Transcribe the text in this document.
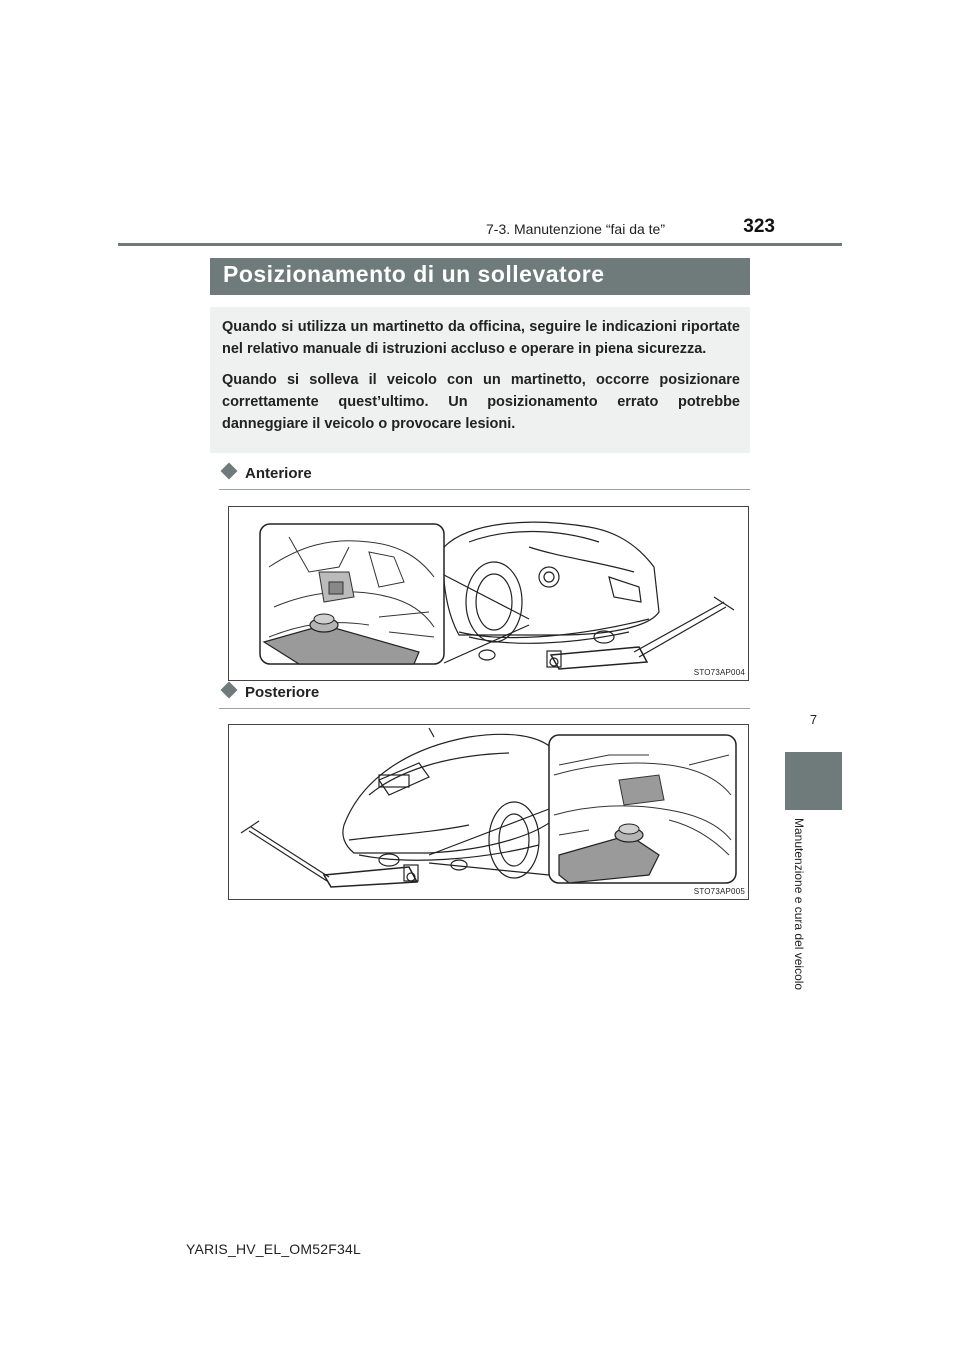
7-3. Manutenzione “fai da te”	323
7
Manutenzione e cura del veicolo
Posizionamento di un sollevatore

Quando si utilizza un martinetto da officina, seguire le indicazioni riportate nel relativo manuale di istruzioni accluso e operare in piena sicurezza.

Quando si solleva il veicolo con un martinetto, occorre posizionare correttamente quest’ultimo. Un posizionamento errato potrebbe danneggiare il veicolo o provocare lesioni.

Anteriore
STO73AP004
Posteriore
STO73AP005
YARIS_HV_EL_OM52F34L
